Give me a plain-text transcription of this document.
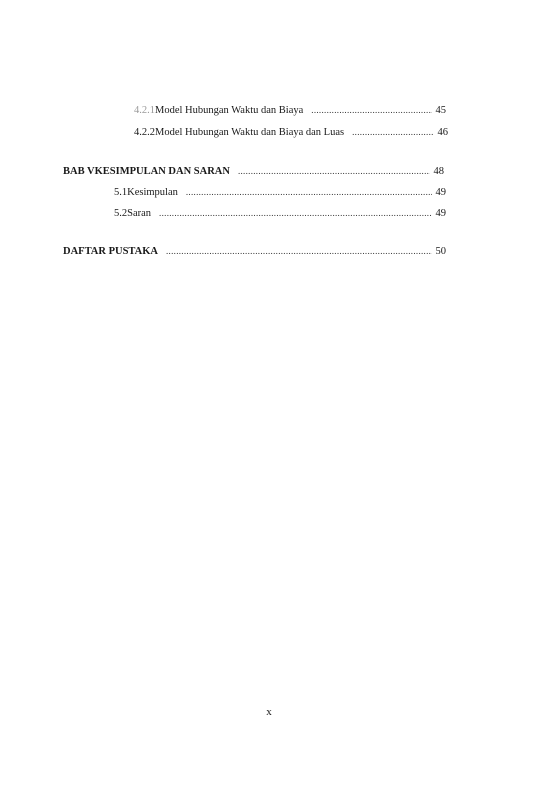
4.2.1 Model Hubungan Waktu dan Biaya .....	45
4.2.2 Model Hubungan Waktu dan Biaya dan Luas .....	46
BAB V KESIMPULAN DAN SARAN .....	48
5.1 Kesimpulan .....	49
5.2 Saran .....	49
DAFTAR PUSTAKA .....	50
x
